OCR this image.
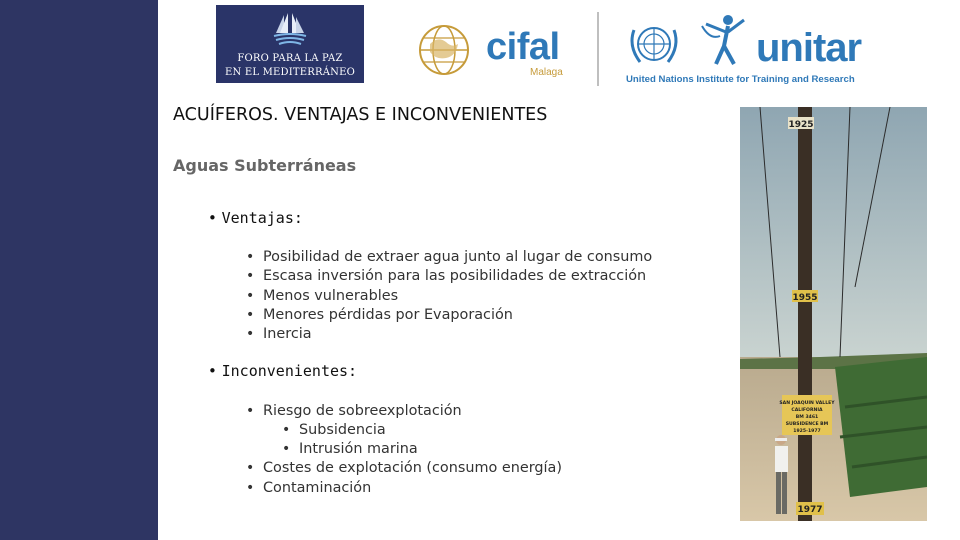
FORO PARA LA PAZ
EN EL MEDITERRÁNEO
cifal
Malaga
unitar
United Nations Institute for Training and Research
ACUÍFEROS. VENTAJAS E INCONVENIENTES
Aguas Subterráneas
• Ventajas:
• Posibilidad de extraer agua junto al lugar de consumo
• Escasa inversión para las posibilidades de extracción
• Menos vulnerables
• Menores pérdidas por Evaporación
• Inercia
• Inconvenientes:
• Riesgo de sobreexplotación
• Subsidencia
• Intrusión marina
• Costes de explotación (consumo energía)
• Contaminación
1925
1955
SAN JOAQUIN VALLEY
CALIFORNIA
BM 3461
SUBSIDENCE BM
1925-1977
1977
